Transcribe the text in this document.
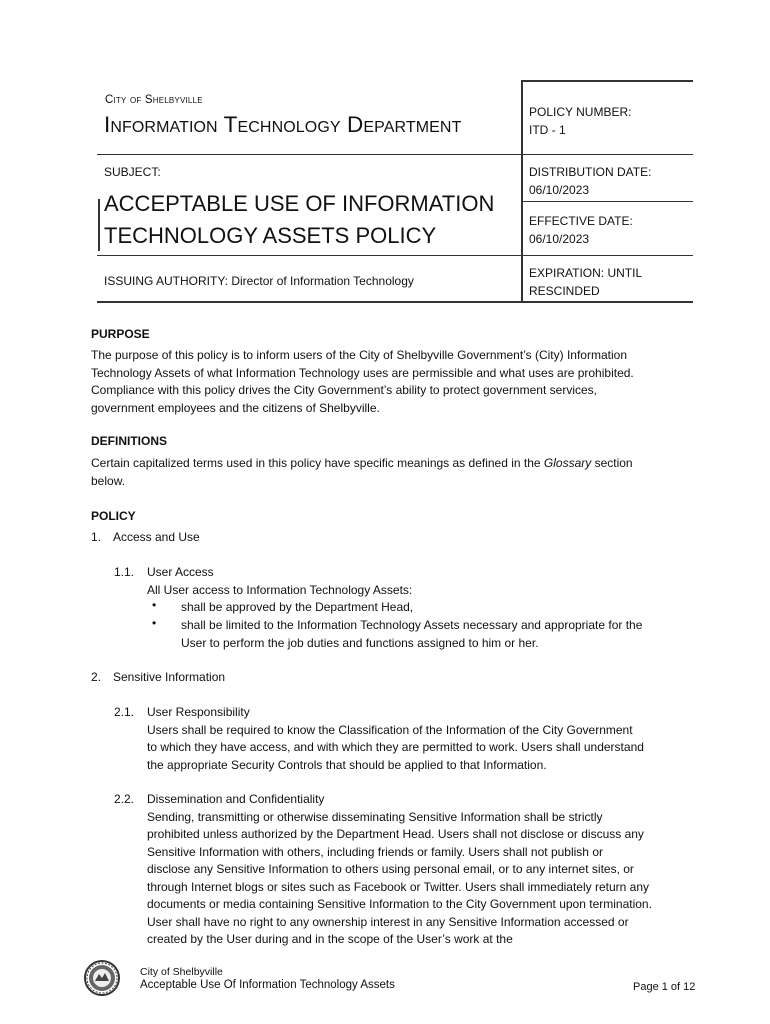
City of Shelbyville
Information Technology Department
SUBJECT:
ACCEPTABLE USE OF INFORMATION
TECHNOLOGY ASSETS POLICY
ISSUING AUTHORITY: Director of Information Technology
POLICY NUMBER:
ITD - 1
DISTRIBUTION DATE:
06/10/2023
EFFECTIVE DATE:
06/10/2023
EXPIRATION: UNTIL
RESCINDED
PURPOSE
The purpose of this policy is to inform users of the City of Shelbyville Government’s (City) Information
Technology Assets of what Information Technology uses are permissible and what uses are prohibited.
Compliance with this policy drives the City Government’s ability to protect government services,
government employees and the citizens of Shelbyville.
DEFINITIONS
Certain capitalized terms used in this policy have specific meanings as defined in the Glossary section
below.
POLICY
1. Access and Use
1.1. User Access
All User access to Information Technology Assets:
• shall be approved by the Department Head,
• shall be limited to the Information Technology Assets necessary and appropriate for the
User to perform the job duties and functions assigned to him or her.
2. Sensitive Information
2.1. User Responsibility
Users shall be required to know the Classification of the Information of the City Government
to which they have access, and with which they are permitted to work. Users shall understand
the appropriate Security Controls that should be applied to that Information.
2.2. Dissemination and Confidentiality
Sending, transmitting or otherwise disseminating Sensitive Information shall be strictly
prohibited unless authorized by the Department Head. Users shall not disclose or discuss any
Sensitive Information with others, including friends or family. Users shall not publish or
disclose any Sensitive Information to others using personal email, or to any internet sites, or
through Internet blogs or sites such as Facebook or Twitter. Users shall immediately return any
documents or media containing Sensitive Information to the City Government upon termination.
User shall have no right to any ownership interest in any Sensitive Information accessed or
created by the User during and in the scope of the User’s work at the
City of Shelbyville
Acceptable Use Of Information Technology Assets	Page 1 of 12
